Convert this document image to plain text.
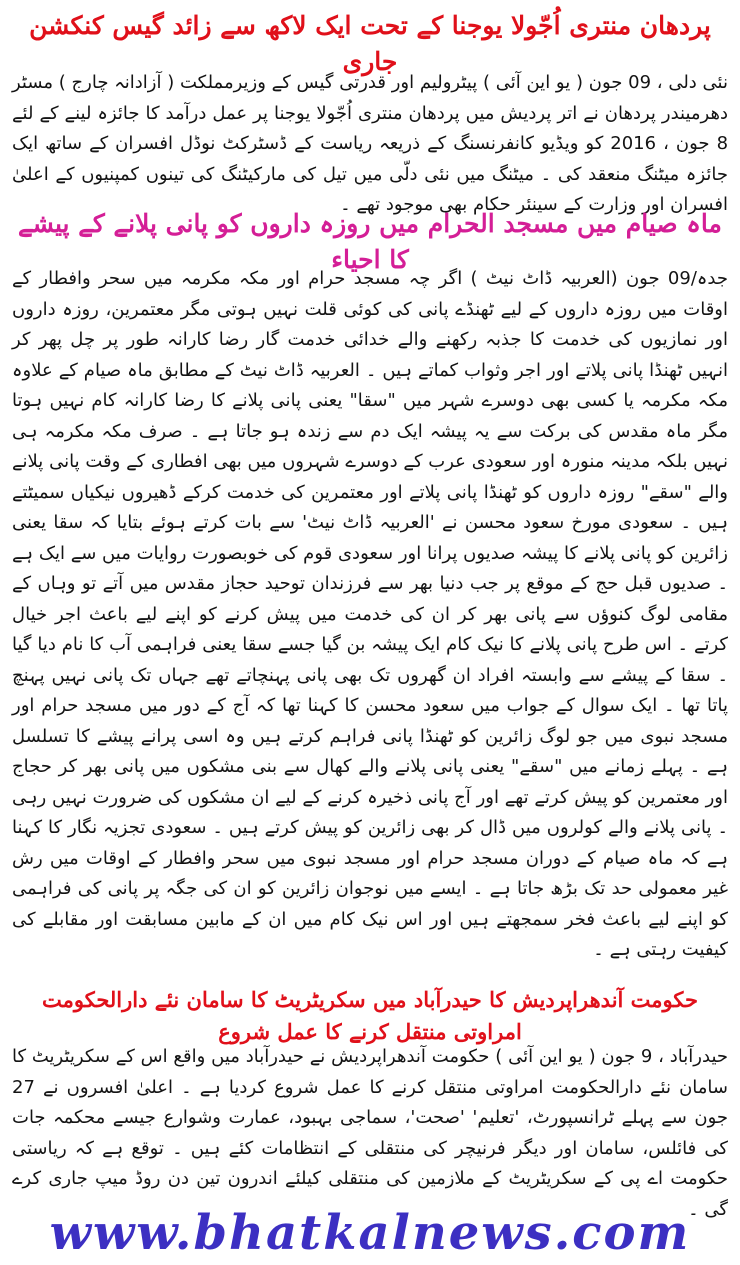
پردھان منتری اُجّولا یوجنا کے تحت ایک لاکھ سے زائد گیس کنکشن جاری

نئی دلی ، 09 جون ( یو این آئی ) پیٹرولیم اور قدرتی گیس کے وزیرمملکت ( آزادانہ چارج ) مسٹر دھرمیندر پردھان نے اتر پردیش میں پردھان منتری اُجّولا یوجنا پر عمل درآمد کا جائزہ لینے کے لئے 8 جون ، 2016 کو ویڈیو کانفرنسنگ کے ذریعہ ریاست کے ڈسٹرکٹ نوڈل افسران کے ساتھ ایک جائزہ میٹنگ منعقد کی ۔ میٹنگ میں نئی دلّی میں تیل کی مارکیٹنگ کی تینوں کمپنیوں کے اعلیٰ افسران اور وزارت کے سینئر حکام بھی موجود تھے ۔

ماہ صیام میں مسجد الحرام میں روزہ داروں کو پانی پلانے کے پیشے کا احیاء

جدہ/09 جون (العربیہ ڈاٹ نیٹ ) اگر چہ مسجد حرام اور مکہ مکرمہ میں سحر وافطار کے اوقات میں روزہ داروں کے لیے ٹھنڈے پانی کی کوئی قلت نہیں ہوتی مگر معتمرین، روزہ داروں اور نمازیوں کی خدمت کا جذبہ رکھنے والے خدائی خدمت گار رضا کارانہ طور پر چل پھر کر انہیں ٹھنڈا پانی پلاتے اور اجر وثواب کماتے ہیں ۔ العربیہ ڈاٹ نیٹ کے مطابق ماہ صیام کے علاوہ مکہ مکرمہ یا کسی بھی دوسرے شہر میں "سقا" یعنی پانی پلانے کا رضا کارانہ کام نہیں ہوتا مگر ماہ مقدس کی برکت سے یہ پیشہ ایک دم سے زندہ ہو جاتا ہے ۔ صرف مکہ مکرمہ ہی نہیں بلکہ مدینہ منورہ اور سعودی عرب کے دوسرے شہروں میں بھی افطاری کے وقت پانی پلانے والے "سقے" روزہ داروں کو ٹھنڈا پانی پلاتے اور معتمرین کی خدمت کرکے ڈھیروں نیکیاں سمیٹتے ہیں ۔ سعودی مورخ سعود محسن نے 'العربیہ ڈاٹ نیٹ' سے بات کرتے ہوئے بتایا کہ سقا یعنی زائرین کو پانی پلانے کا پیشہ صدیوں پرانا اور سعودی قوم کی خوبصورت روایات میں سے ایک ہے ۔ صدیوں قبل حج کے موقع پر جب دنیا بھر سے فرزندان توحید حجاز مقدس میں آتے تو وہاں کے مقامی لوگ کنوؤں سے پانی بھر کر ان کی خدمت میں پیش کرنے کو اپنے لیے باعث اجر خیال کرتے ۔ اس طرح پانی پلانے کا نیک کام ایک پیشہ بن گیا جسے سقا یعنی فراہمی آب کا نام دیا گیا ۔ سقا کے پیشے سے وابستہ افراد ان گھروں تک بھی پانی پہنچاتے تھے جہاں تک پانی نہیں پہنچ پاتا تھا ۔ ایک سوال کے جواب میں سعود محسن کا کہنا تھا کہ آج کے دور میں مسجد حرام اور مسجد نبوی میں جو لوگ زائرین کو ٹھنڈا پانی فراہم کرتے ہیں وہ اسی پرانے پیشے کا تسلسل ہے ۔ پہلے زمانے میں "سقے" یعنی پانی پلانے والے کھال سے بنی مشکوں میں پانی بھر کر حجاج اور معتمرین کو پیش کرتے تھے اور آج پانی ذخیرہ کرنے کے لیے ان مشکوں کی ضرورت نہیں رہی ۔ پانی پلانے والے کولروں میں ڈال کر بھی زائرین کو پیش کرتے ہیں ۔ سعودی تجزیہ نگار کا کہنا ہے کہ ماہ صیام کے دوران مسجد حرام اور مسجد نبوی میں سحر وافطار کے اوقات میں رش غیر معمولی حد تک بڑھ جاتا ہے ۔ ایسے میں نوجوان زائرین کو ان کی جگہ پر پانی کی فراہمی کو اپنے لیے باعث فخر سمجھتے ہیں اور اس نیک کام میں ان کے مابین مسابقت اور مقابلے کی کیفیت رہتی ہے ۔

حکومت آندھراپردیش کا حیدرآباد میں سکریٹریٹ کا سامان نئے دارالحکومت امراوتی منتقل کرنے کا عمل شروع

حیدرآباد ، 9 جون ( یو این آئی ) حکومت آندھراپردیش نے حیدرآباد میں واقع اس کے سکریٹریٹ کا سامان نئے دارالحکومت امراوتی منتقل کرنے کا عمل شروع کردیا ہے ۔ اعلیٰ افسروں نے 27 جون سے پہلے ٹرانسپورٹ، 'تعلیم' 'صحت'، سماجی بہبود، عمارت وشوارع جیسے محکمہ جات کی فائلس، سامان اور دیگر فرنیچر کی منتقلی کے انتظامات کئے ہیں ۔ توقع ہے کہ ریاستی حکومت اے پی کے سکریٹریٹ کے ملازمین کی منتقلی کیلئے اندرون تین دن روڈ میپ جاری کرے گی ۔

www.bhatkalnews.com
